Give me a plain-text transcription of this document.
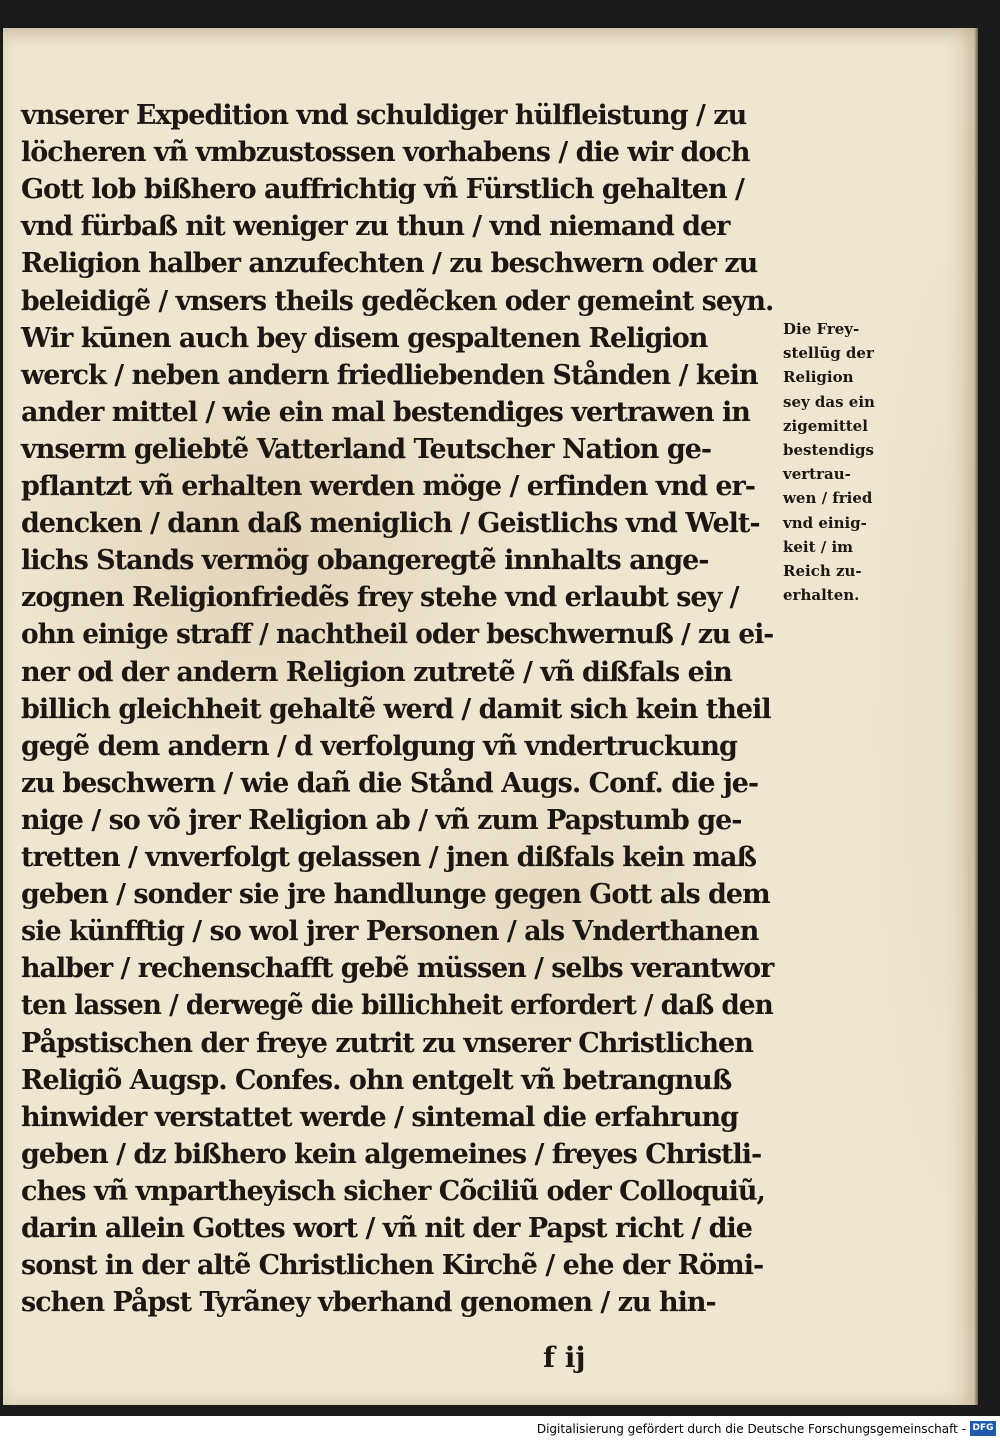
vnserer Expedition vnd schuldiger hülfleistung / zu
löcheren vñ vmbzustossen vorhabens / die wir doch
Gott lob bißhero auffrichtig vñ Fürstlich gehalten /
vnd fürbaß nit weniger zu thun / vnd niemand der
Religion halber anzufechten / zu beschwern oder zu
beleidigẽ / vnsers theils gedẽcken oder gemeint seyn.
Wir kūnen auch bey disem gespaltenen Religion
werck / neben andern friedliebenden Stånden / kein
ander mittel / wie ein mal bestendiges vertrawen in
vnserm geliebtẽ Vatterland Teutscher Nation ge-
pflantzt vñ erhalten werden möge / erfinden vnd er-
dencken / dann daß meniglich / Geistlichs vnd Welt-
lichs Stands vermög obangeregtẽ innhalts ange-
zognen Religionfriedẽs frey stehe vnd erlaubt sey /
ohn einige straff / nachtheil oder beschwernuß / zu ei-
ner od der andern Religion zutretẽ / vñ dißfals ein
billich gleichheit gehaltẽ werd / damit sich kein theil
gegẽ dem andern / d verfolgung vñ vndertruckung
zu beschwern / wie dañ die Stånd Augs. Conf. die je-
nige / so võ jrer Religion ab / vñ zum Papstumb ge-
tretten / vnverfolgt gelassen / jnen dißfals kein maß
geben / sonder sie jre handlunge gegen Gott als dem
sie künfftig / so wol jrer Personen / als Vnderthanen
halber / rechenschafft gebẽ müssen / selbs verantwor
ten lassen / derwegẽ die billichheit erfordert / daß den
Påpstischen der freye zutrit zu vnserer Christlichen
Religiõ Augsp. Confes. ohn entgelt vñ betrangnuß
hinwider verstattet werde / sintemal die erfahrung
geben / dz bißhero kein algemeines / freyes Christli-
ches vñ vnpartheyisch sicher Cõciliũ oder Colloquiũ,
darin allein Gottes wort / vñ nit der Papst richt / die
sonst in der altẽ Christlichen Kirchẽ / ehe der Römi-
schen Påpst Tyrãney vberhand genomen / zu hin-
Die Frey-
stellūg der
Religion
sey das ein
zigemittel
bestendigs
vertrau-
wen / fried
vnd einig-
keit / im
Reich zu-
erhalten.
f ij
Digitalisierung gefördert durch die Deutsche Forschungsgemeinschaft - DFG
